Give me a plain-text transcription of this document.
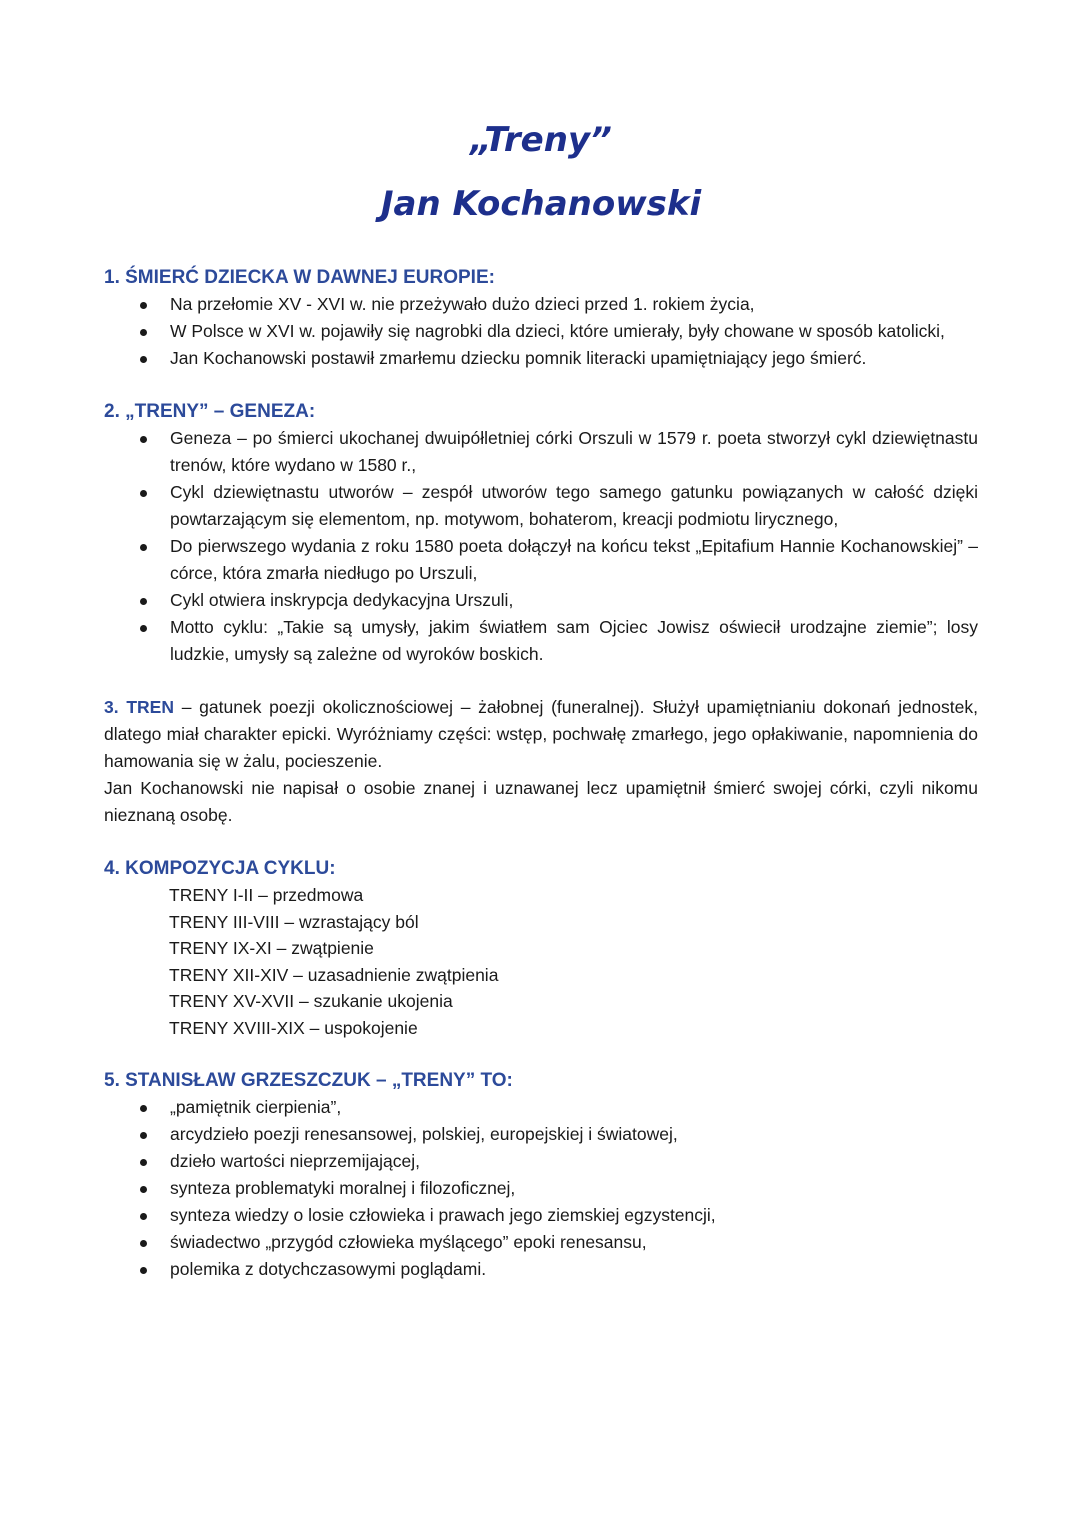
„Treny”
Jan Kochanowski
1. ŚMIERĆ DZIECKA W DAWNEJ EUROPIE:
Na przełomie XV - XVI w. nie przeżywało dużo dzieci przed 1. rokiem życia,
W Polsce w XVI w. pojawiły się nagrobki dla dzieci, które umierały, były chowane w sposób katolicki,
Jan Kochanowski postawił zmarłemu dziecku pomnik literacki upamiętniający jego śmierć.
2. „TRENY” – GENEZA:
Geneza – po śmierci ukochanej dwuipółletniej córki Orszuli w 1579 r. poeta stworzył cykl dziewiętnastu trenów, które wydano w 1580 r.,
Cykl dziewiętnastu utworów – zespół utworów tego samego gatunku powiązanych w całość dzięki powtarzającym się elementom, np. motywom, bohaterom, kreacji podmiotu lirycznego,
Do pierwszego wydania z roku 1580 poeta dołączył na końcu tekst „Epitafium Hannie Kochanowskiej” – córce, która zmarła niedługo po Urszuli,
Cykl otwiera inskrypcja dedykacyjna Urszuli,
Motto cyklu: „Takie są umysły, jakim światłem sam Ojciec Jowisz oświecił urodzajne ziemie”; losy ludzkie, umysły są zależne od wyroków boskich.

3. TREN – gatunek poezji okolicznościowej – żałobnej (funeralnej). Służył upamiętnianiu dokonań jednostek, dlatego miał charakter epicki. Wyróżniamy części: wstęp, pochwałę zmarłego, jego opłakiwanie, napomnienia do hamowania się w żalu, pocieszenie.

Jan Kochanowski nie napisał o osobie znanej i uznawanej lecz upamiętnił śmierć swojej córki, czyli nikomu nieznaną osobę.

4. KOMPOZYCJA CYKLU:
TRENY I-II – przedmowa
TRENY III-VIII – wzrastający ból
TRENY IX-XI – zwątpienie
TRENY XII-XIV – uzasadnienie zwątpienia
TRENY XV-XVII – szukanie ukojenia
TRENY XVIII-XIX – uspokojenie
5. STANISŁAW GRZESZCZUK – „TRENY” TO:
„pamiętnik cierpienia”,
arcydzieło poezji renesansowej, polskiej, europejskiej i światowej,
dzieło wartości nieprzemijającej,
synteza problematyki moralnej i filozoficznej,
synteza wiedzy o losie człowieka i prawach jego ziemskiej egzystencji,
świadectwo „przygód człowieka myślącego” epoki renesansu,
polemika z dotychczasowymi poglądami.
